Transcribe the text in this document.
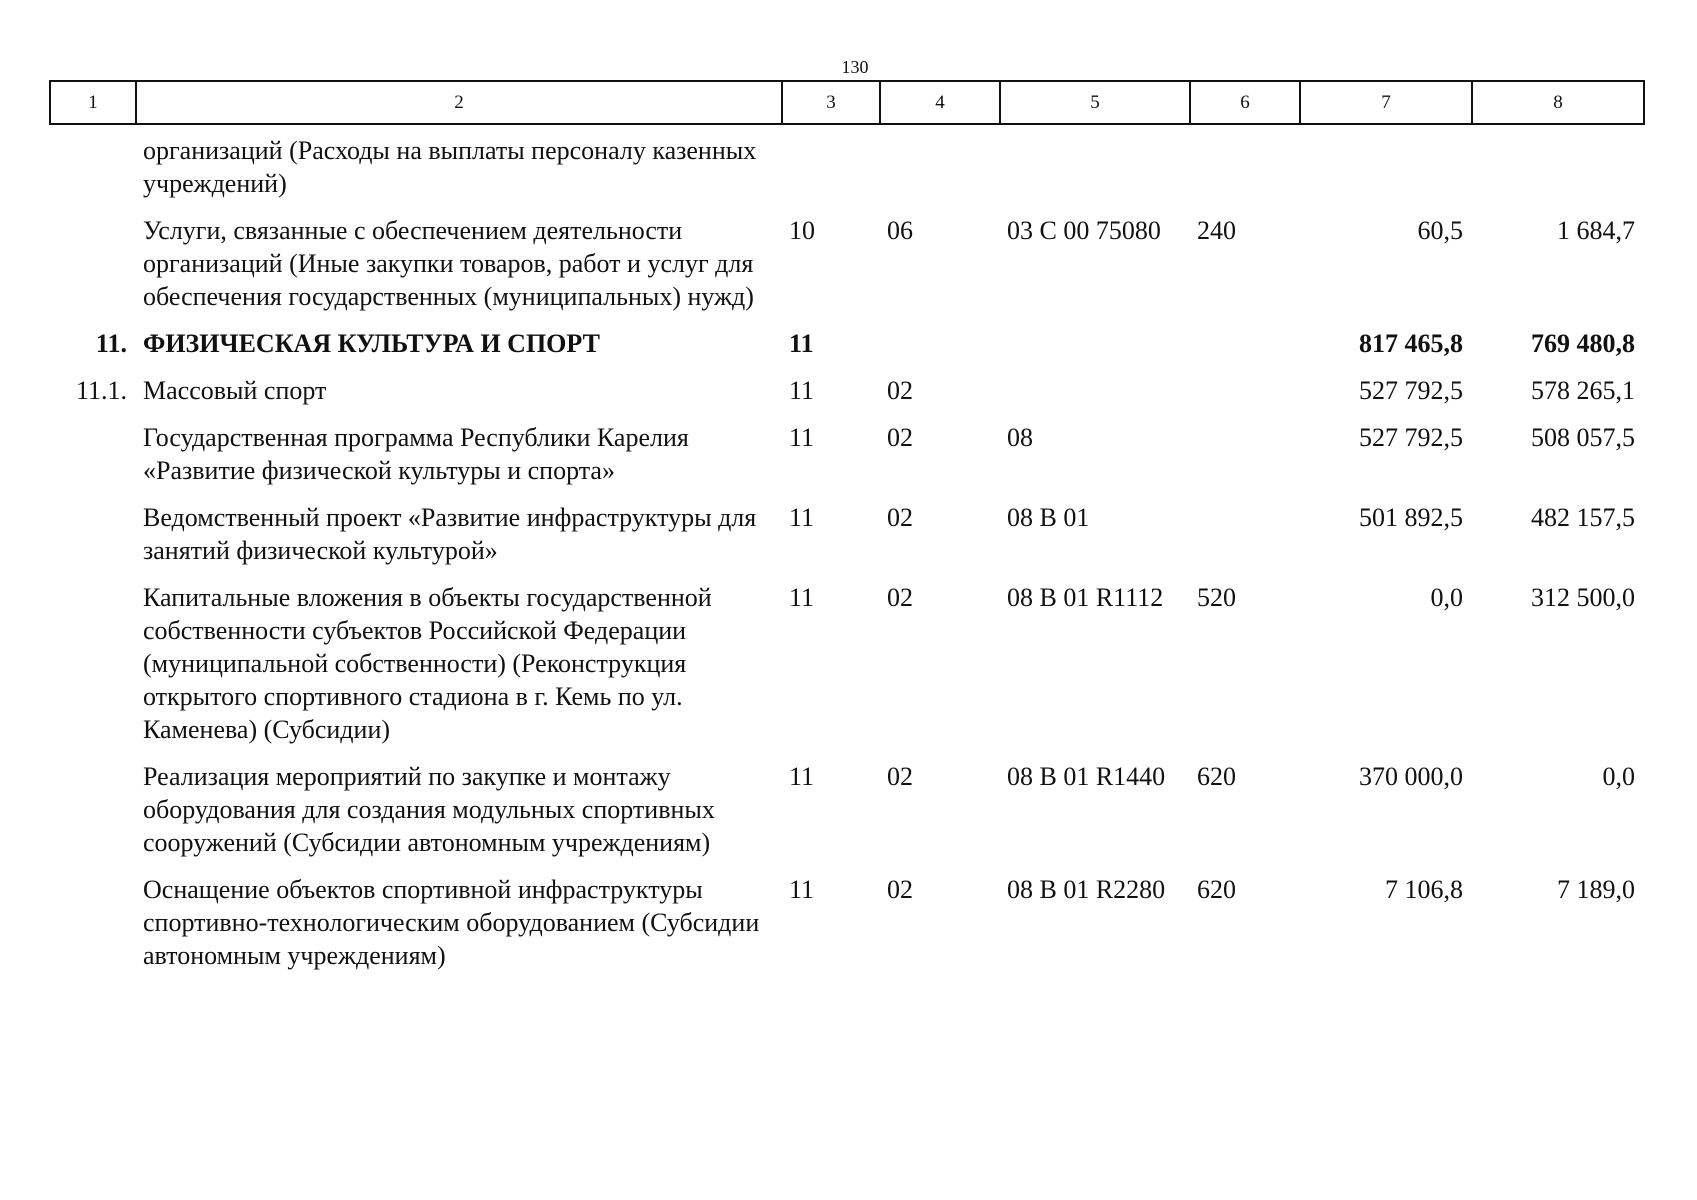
130
1	2	3	4	5	6	7	8
	организаций (Расходы на выплаты персоналу казенных учреждений)						
	Услуги, связанные с обеспечением деятельности организаций (Иные закупки товаров, работ и услуг для обеспечения государственных (муниципальных) нужд)	10	06	03 С 00 75080	240	60,5	1 684,7
11.	ФИЗИЧЕСКАЯ КУЛЬТУРА И СПОРТ	11				817 465,8	769 480,8
11.1.	Массовый спорт	11	02			527 792,5	578 265,1
	Государственная программа Республики Карелия «Развитие физической культуры и спорта»	11	02	08		527 792,5	508 057,5
	Ведомственный проект «Развитие инфраструктуры для занятий физической культурой»	11	02	08 В 01		501 892,5	482 157,5
	Капитальные вложения в объекты государственной собственности субъектов Российской Федерации (муниципальной собственности) (Реконструкция открытого спортивного стадиона в г. Кемь по ул. Каменева) (Субсидии)	11	02	08 В 01 R1112	520	0,0	312 500,0
	Реализация мероприятий по закупке и монтажу оборудования для создания модульных спортивных сооружений (Субсидии автономным учреждениям)	11	02	08 В 01 R1440	620	370 000,0	0,0
	Оснащение объектов спортивной инфраструктуры спортивно-технологическим оборудованием (Субсидии автономным учреждениям)	11	02	08 В 01 R2280	620	7 106,8	7 189,0
